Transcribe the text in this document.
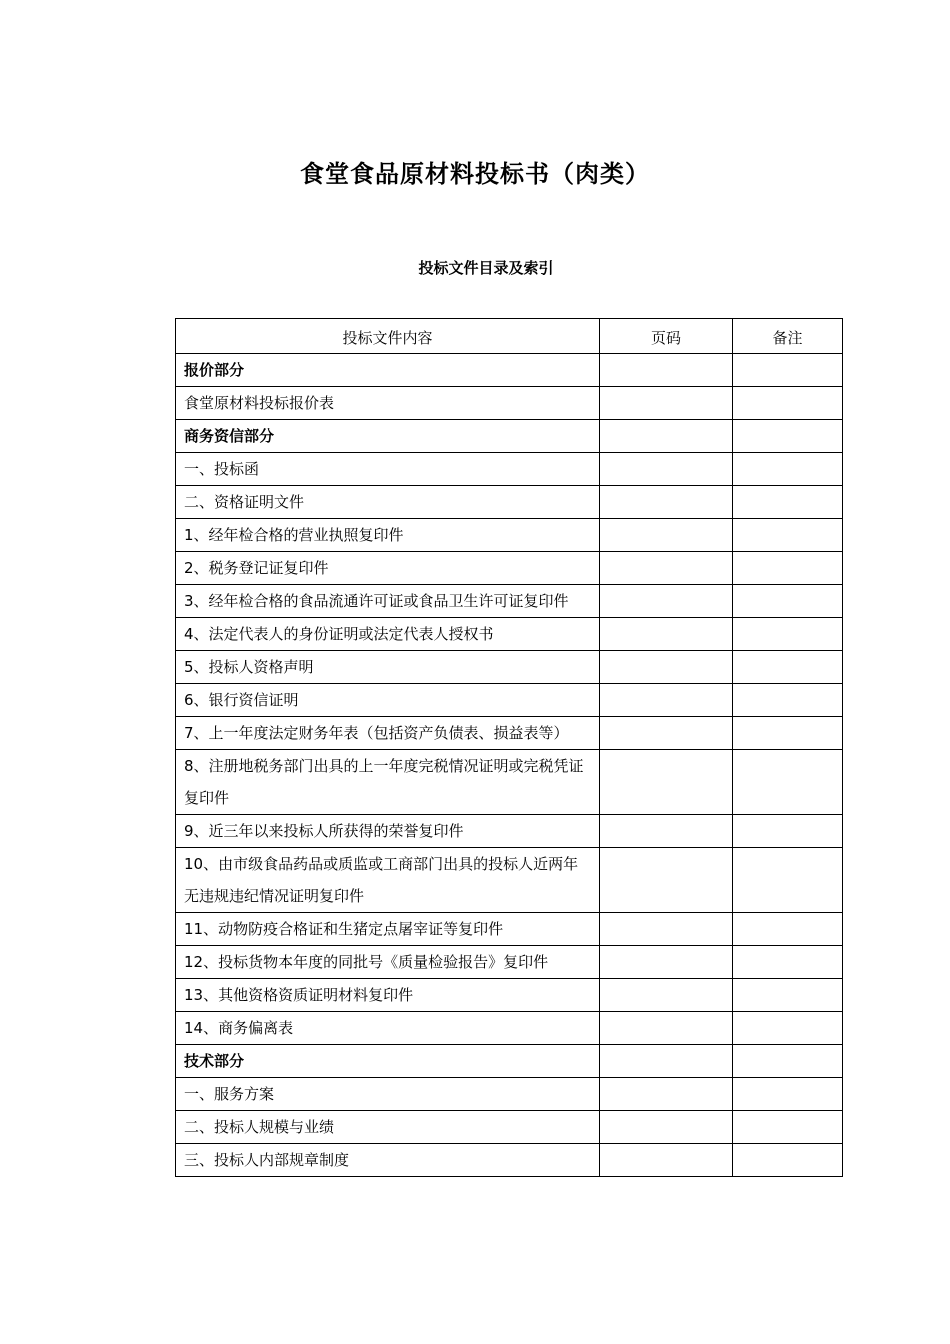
食堂食品原材料投标书（肉类）
投标文件目录及索引
投标文件内容	页码	备注
报价部分		
食堂原材料投标报价表		
商务资信部分		
一、投标函		
二、资格证明文件		
1、经年检合格的营业执照复印件		
2、税务登记证复印件		
3、经年检合格的食品流通许可证或食品卫生许可证复印件		
4、法定代表人的身份证明或法定代表人授权书		
5、投标人资格声明		
6、银行资信证明		
7、上一年度法定财务年表（包括资产负债表、损益表等）		
8、注册地税务部门出具的上一年度完税情况证明或完税凭证复印件		
9、近三年以来投标人所获得的荣誉复印件		
10、由市级食品药品或质监或工商部门出具的投标人近两年无违规违纪情况证明复印件		
11、动物防疫合格证和生猪定点屠宰证等复印件		
12、投标货物本年度的同批号《质量检验报告》复印件		
13、其他资格资质证明材料复印件		
14、商务偏离表		
技术部分		
一、服务方案		
二、投标人规模与业绩		
三、投标人内部规章制度		
